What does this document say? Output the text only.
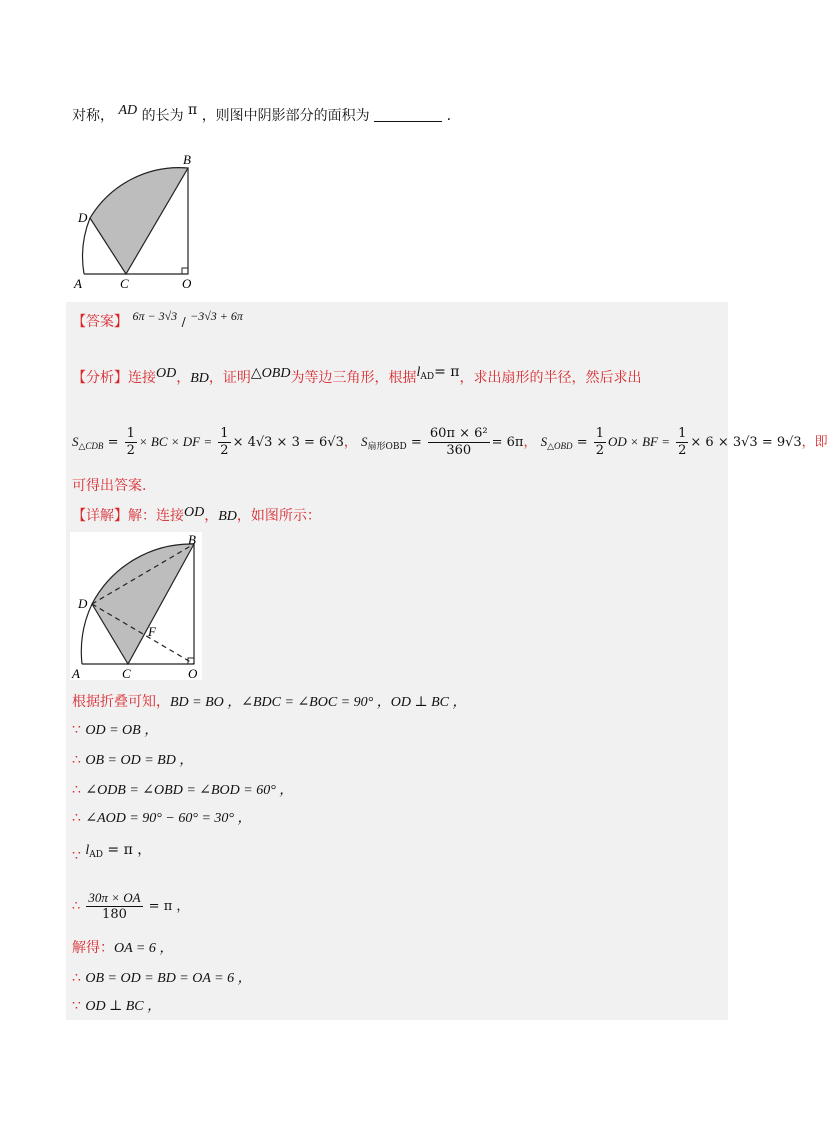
对称， AD 的长为 π ，则图中阴影部分的面积为	.
B
D
A	C	O
【答案】 6π − 3√3 / −3√3 + 6π
【分析】连接OD，BD，证明△OBD为等边三角形，根据$l^{AD}= \pi$，求出扇形的半径，然后求出
$S_{\triangle CDB} = \frac{1}{2}$ × BC × DF = $\frac{1}{2} \times 4√3 \times 3 = 6√3$， $S_{扇形OBD} = \frac{\text{60π × 6²}}{360} = 6\pi$， $S_{\triangle OBD} = \frac{1}{2}$ OD × BF = $\frac{1}{2} \times 6 \times 3√3 = 9√3$，即
可得出答案.
【详解】解：连接OD，BD，如图所示：
B
D
F
A	C	O
根据折叠可知，BD = BO ，∠BDC = ∠BOC = 90° ，OD ⊥ BC ，
∵ OD = OB ，
∴ OB = OD = BD ，
∴ ∠ODB = ∠OBD = ∠BOD = 60° ，
∴ ∠AOD = 90° − 60° = 30° ，
∵ $l^{AD} = \pi$ ，
∴ $\frac{30\pi \times OA}{180} = \pi$ ，
解得：OA = 6 ，
∴ OB = OD = BD = OA = 6 ，
∵ OD ⊥ BC ，
